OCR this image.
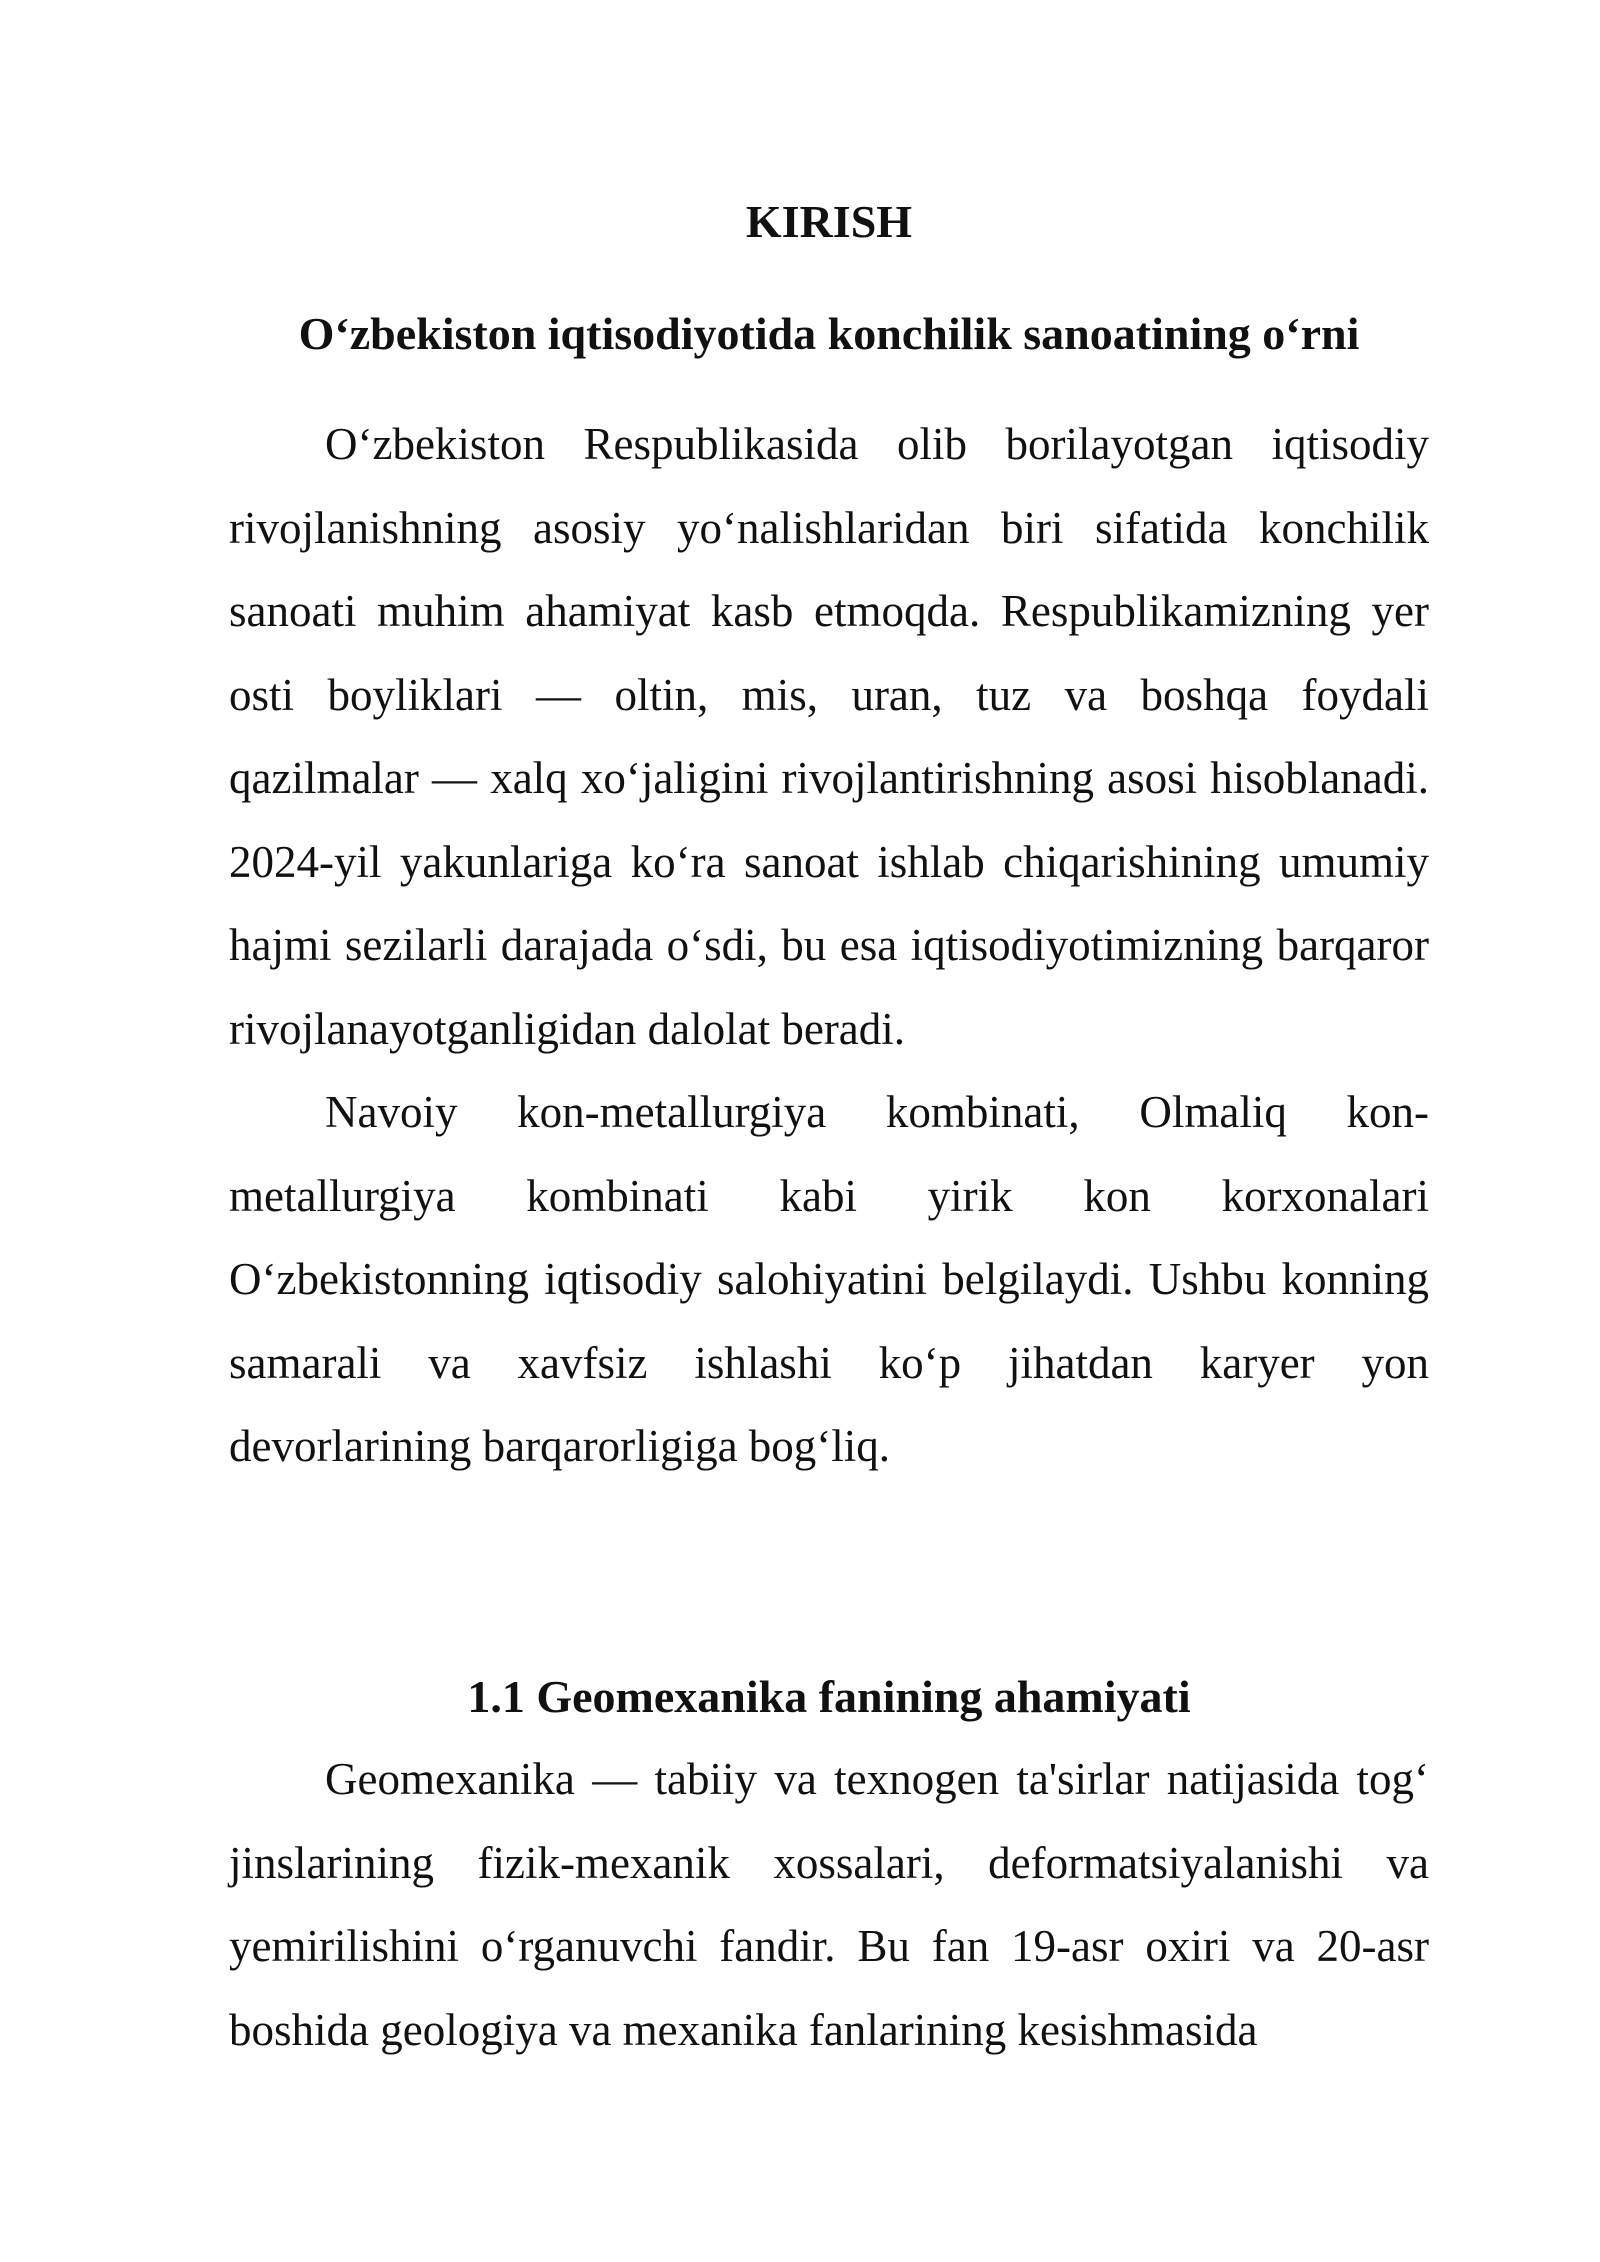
KIRISH
O‘zbekiston iqtisodiyotida konchilik sanoatining o‘rni

O‘zbekiston Respublikasida olib borilayotgan iqtisodiy rivojlanishning asosiy yo‘nalishlaridan biri sifatida konchilik sanoati muhim ahamiyat kasb etmoqda. Respublikamizning yer osti boyliklari — oltin, mis, uran, tuz va boshqa foydali qazilmalar — xalq xo‘jaligini rivojlantirishning asosi hisoblanadi. 2024-yil yakunlariga ko‘ra sanoat ishlab chiqarishining umumiy hajmi sezilarli darajada o‘sdi, bu esa iqtisodiyotimizning barqaror rivojlanayotganligidan dalolat beradi.

Navoiy kon-metallurgiya kombinati, Olmaliq kon-metallurgiya kombinati kabi yirik kon korxonalari O‘zbekistonning iqtisodiy salohiyatini belgilaydi. Ushbu konning samarali va xavfsiz ishlashi ko‘p jihatdan karyer yon devorlarining barqarorligiga bog‘liq.

1.1 Geomexanika fanining ahamiyati

Geomexanika — tabiiy va texnogen ta'sirlar natijasida tog‘ jinslarining fizik-mexanik xossalari, deformatsiyalanishi va yemirilishini o‘rganuvchi fandir. Bu fan 19-asr oxiri va 20-asr boshida geologiya va mexanika fanlarining kesishmasida
